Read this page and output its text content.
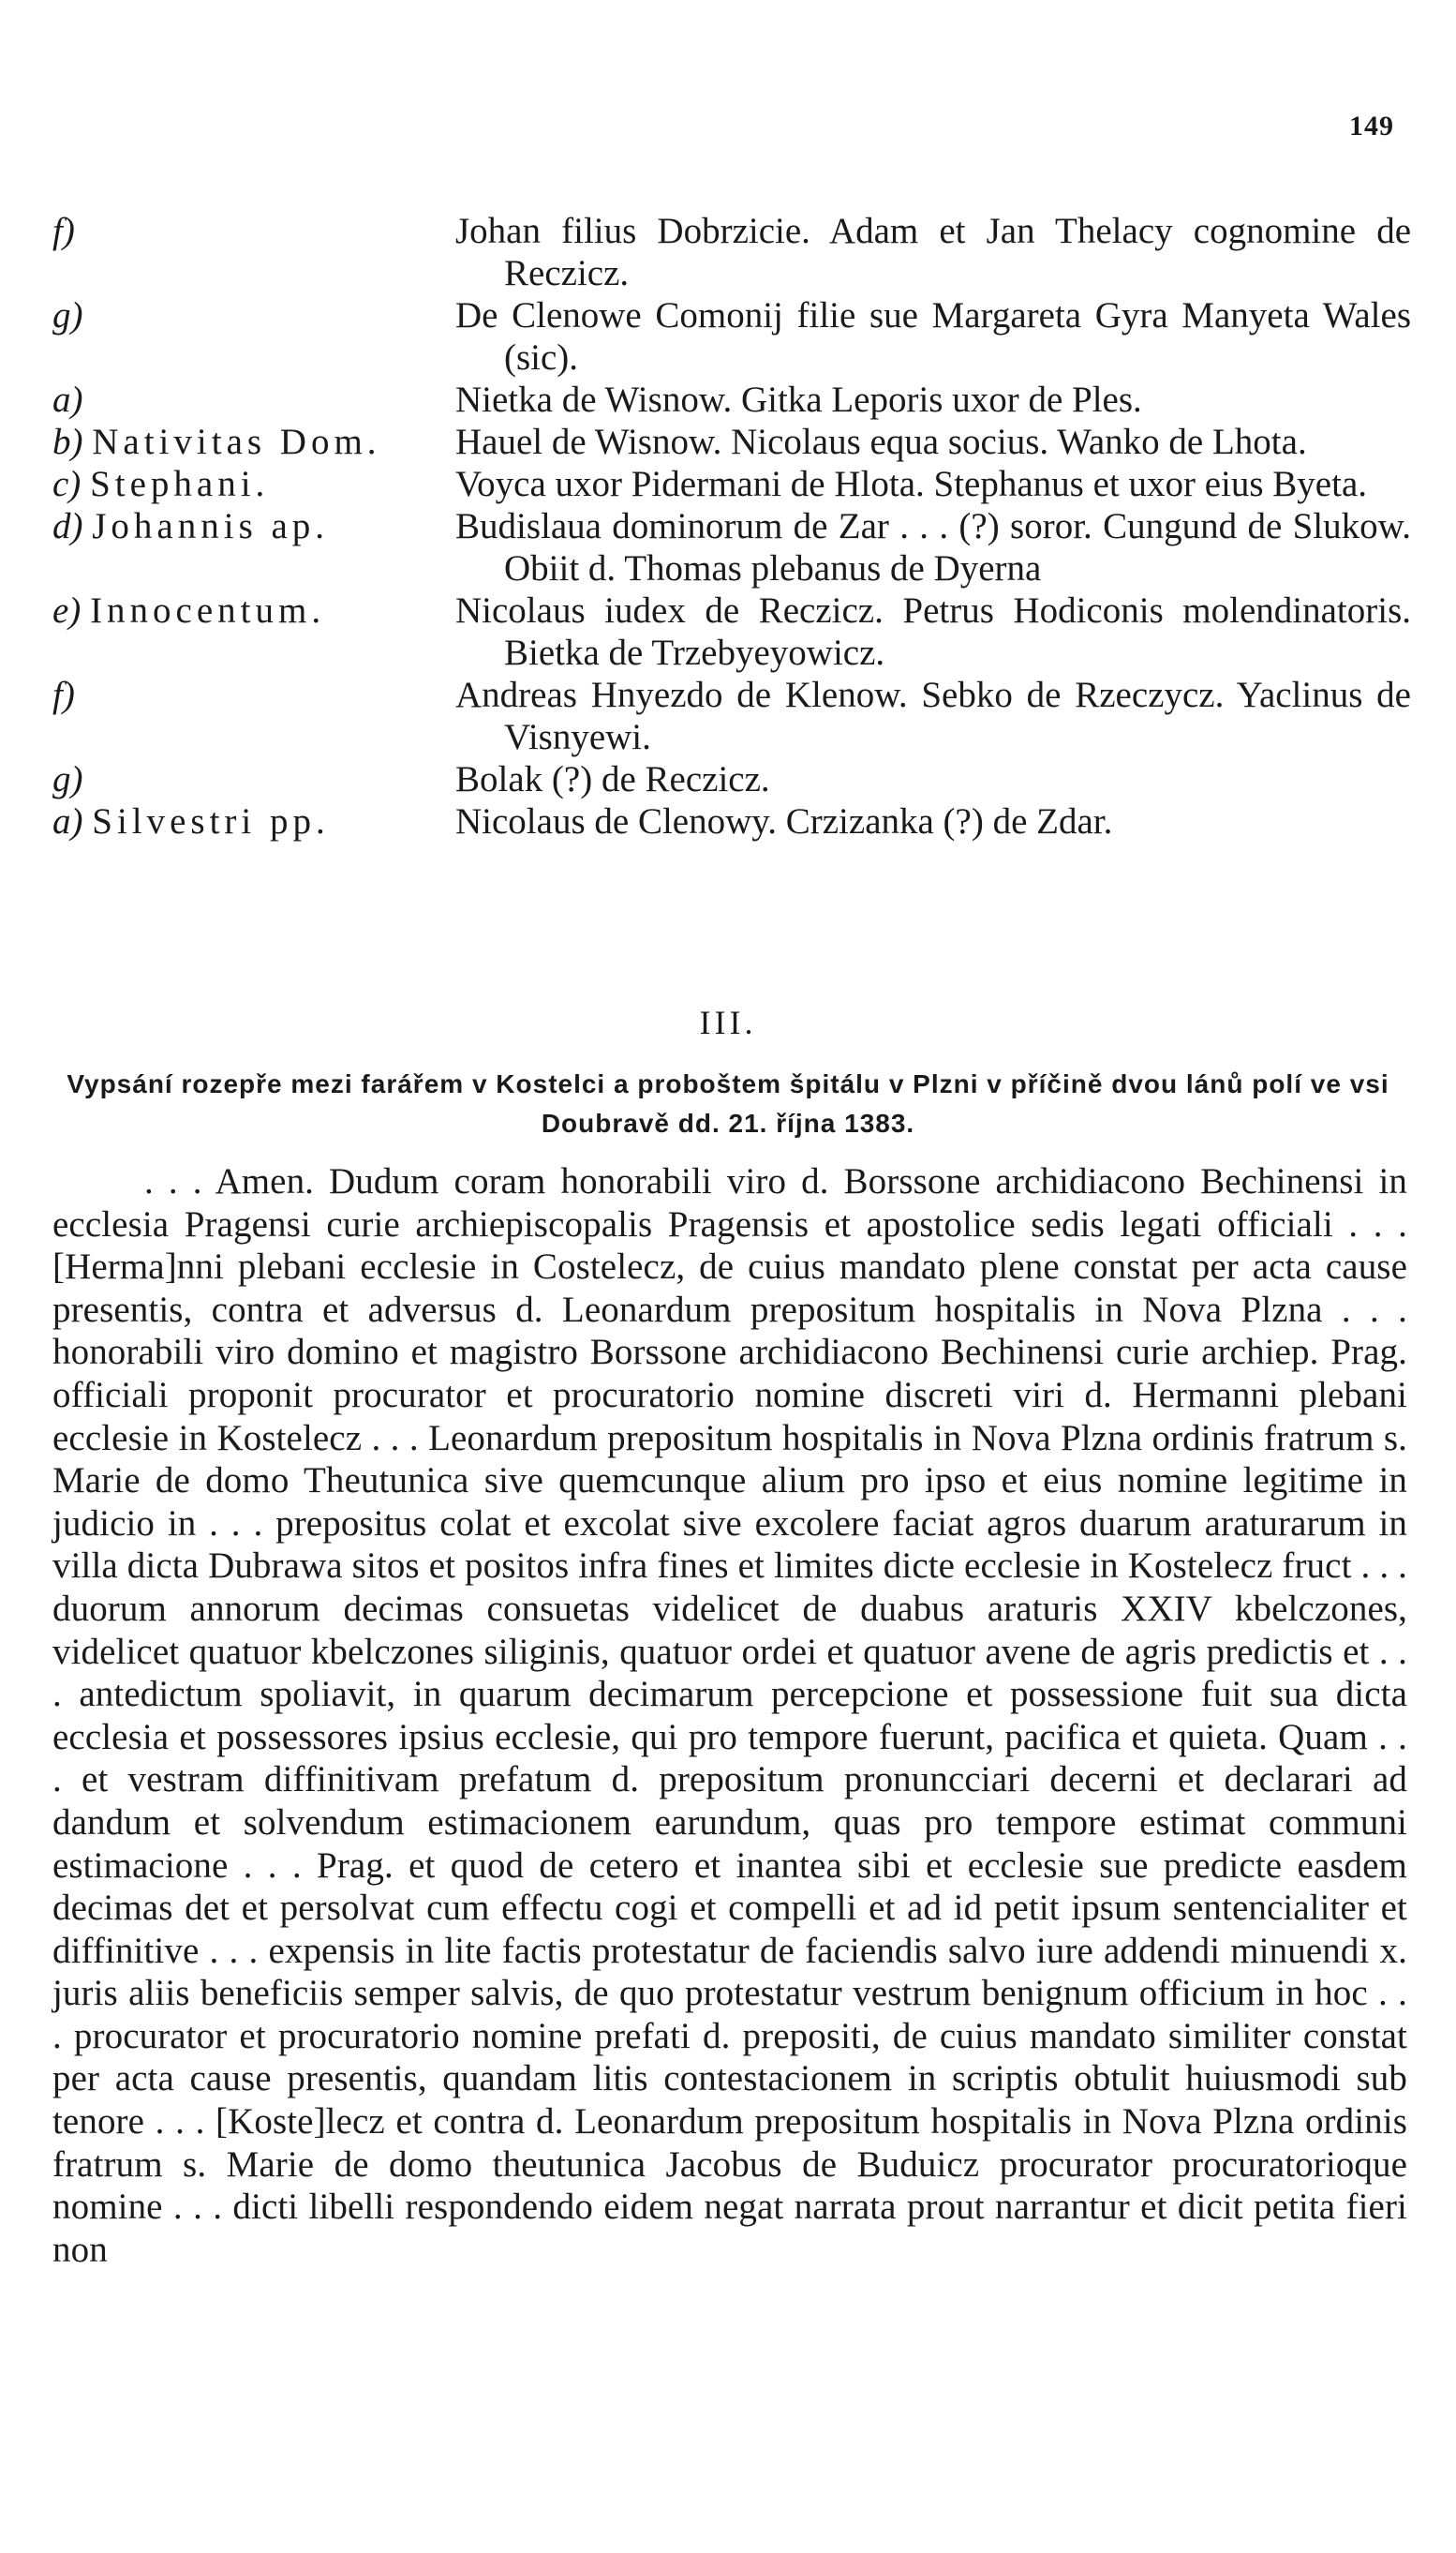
149
f)	Johan filius Dobrzicie. Adam et Jan Thelacy cognomine de Reczicz.
g)	De Clenowe Comonij filie sue Margareta Gyra Manyeta Wales (sic).
a)	Nietka de Wisnow. Gitka Leporis uxor de Ples.
b) Nativitas Dom.	Hauel de Wisnow. Nicolaus equa socius. Wanko de Lhota.
c) Stephani.	Voyca uxor Pidermani de Hlota. Stephanus et uxor eius Byeta.
d) Johannis ap.	Budislaua dominorum de Zar . . . (?) soror. Cungund de Slukow. Obiit d. Thomas plebanus de Dyerna
e) Innocentum.	Nicolaus iudex de Reczicz. Petrus Hodiconis molendinatoris. Bietka de Trzebyeyowicz.
f)	Andreas Hnyezdo de Klenow. Sebko de Rzeczycz. Yaclinus de Visnyewi.
g)	Bolak (?) de Reczicz.
a) Silvestri pp.	Nicolaus de Clenowy. Crzizanka (?) de Zdar.
III.
Vypsání rozepře mezi farářem v Kostelci a proboštem špitálu v Plzni v příčině dvou lánů polí ve vsi Doubravě dd. 21. října 1383.
. . . Amen. Dudum coram honorabili viro d. Borssone archidiacono Bechinensi in ecclesia Pragensi curie archiepiscopalis Pragensis et apostolice sedis legati officiali . . . [Herma]nni plebani ecclesie in Costelecz, de cuius mandato plene constat per acta cause presentis, contra et adversus d. Leonardum prepositum hospitalis in Nova Plzna . . . honorabili viro domino et magistro Borssone archidiacono Bechinensi curie archiep. Prag. officiali proponit procurator et procuratorio nomine discreti viri d. Hermanni plebani ecclesie in Kostelecz . . . Leonardum prepositum hospitalis in Nova Plzna ordinis fratrum s. Marie de domo Theutunica sive quemcunque alium pro ipso et eius nomine legitime in judicio in . . . prepositus colat et excolat sive excolere faciat agros duarum araturarum in villa dicta Dubrawa sitos et positos infra fines et limites dicte ecclesie in Kostelecz fruct . . . duorum annorum decimas consuetas videlicet de duabus araturis XXIV kbelczones, videlicet quatuor kbelczones siliginis, quatuor ordei et quatuor avene de agris predictis et . . . antedictum spoliavit, in quarum decimarum percepcione et possessione fuit sua dicta ecclesia et possessores ipsius ecclesie, qui pro tempore fuerunt, pacifica et quieta. Quam . . . et vestram diffinitivam prefatum d. prepositum pronuncciari decerni et declarari ad dandum et solvendum estimacionem earundum, quas pro tempore estimat communi estimacione . . . Prag. et quod de cetero et inantea sibi et ecclesie sue predicte easdem decimas det et persolvat cum effectu cogi et compelli et ad id petit ipsum sentencialiter et diffinitive . . . expensis in lite factis protestatur de faciendis salvo iure addendi minuendi x. juris aliis beneficiis semper salvis, de quo protestatur vestrum benignum officium in hoc . . . procurator et procuratorio nomine prefati d. prepositi, de cuius mandato similiter constat per acta cause presentis, quandam litis contestacionem in scriptis obtulit huiusmodi sub tenore . . . [Koste]lecz et contra d. Leonardum prepositum hospitalis in Nova Plzna ordinis fratrum s. Marie de domo theutunica Jacobus de Buduicz procurator procuratorioque nomine . . . dicti libelli respondendo eidem negat narrata prout narrantur et dicit petita fieri non
